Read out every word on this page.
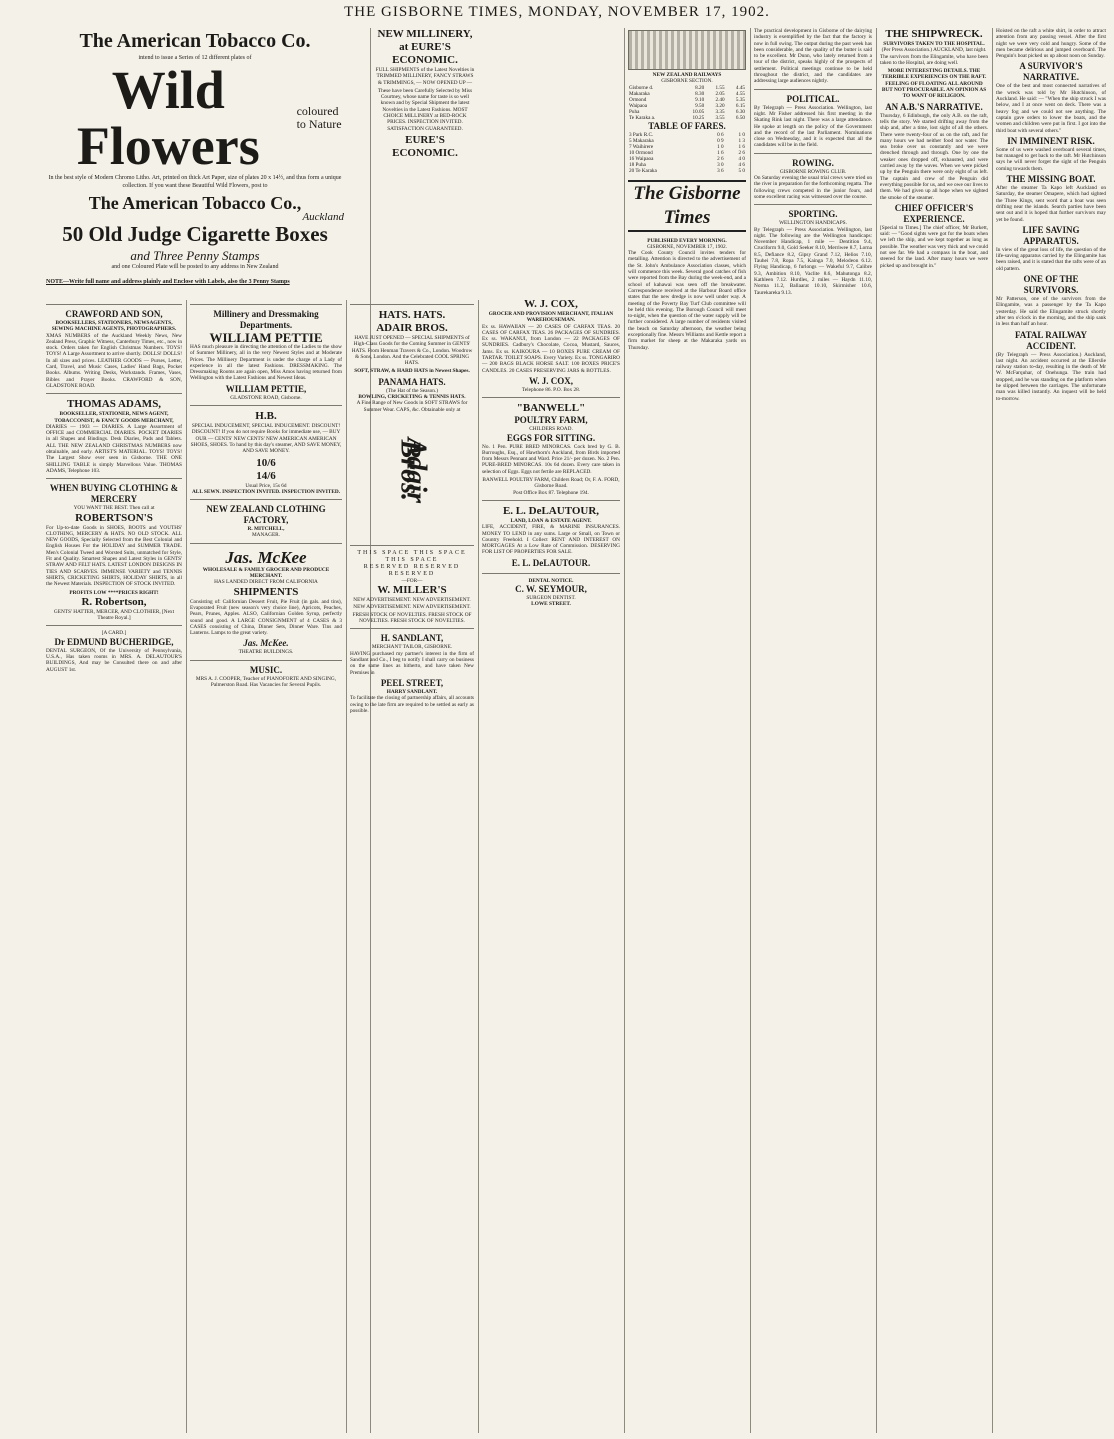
THE GISBORNE TIMES, MONDAY, NOVEMBER 17, 1902.
The American Tobacco Co.
intend to issue a Series of 12 different plates of
Wild Flowers
coloured to Nature

In the best style of Modern Chromo Litho. Art, printed on thick Art Paper, size of plates 20 x 14½, and thus form a unique collection. If you want these Beautiful Wild Flowers, post to

The American Tobacco Co.,
Auckland
50 Old Judge Cigarette Boxes
and Three Penny Stamps
and one Coloured Plate will be posted to any address in New Zealand
NOTE—Write full name and address plainly and Enclose with Labels, also the 3 Penny Stamps
CRAWFORD AND SON,
BOOKSELLERS, STATIONERS, NEWSAGENTS, SEWING MACHINE AGENTS, PHOTOGRAPHERS.

XMAS NUMBERS of the Auckland Weekly News, New Zealand Press, Graphic Witness, Canterbury Times, etc., now in stock. Orders taken for English Christmas Numbers. TOYS! TOYS! A Large Assortment to arrive shortly. DOLLS! DOLLS! In all sizes and prices. LEATHER GOODS — Purses, Letter, Card, Travel, and Music Cases, Ladies' Hand Bags, Pocket Books. Albums. Writing Desks, Workstands. Frames, Vases, Bibles and Prayer Books. CRAWFORD & SON, GLADSTONE ROAD.

THOMAS ADAMS,
BOOKSELLER, STATIONER, NEWS AGENT, TOBACCONIST, & FANCY GOODS MERCHANT,

DIARIES — 1903 — DIARIES. A Large Assortment of OFFICE and COMMERCIAL DIARIES. POCKET DIARIES in all Shapes and Bindings. Desk Diaries, Pads and Tablets. ALL THE NEW ZEALAND CHRISTMAS NUMBERS now obtainable, and early. ARTIST'S MATERIAL. TOYS! TOYS! The Largest Show ever seen in Gisborne. THE ONE SHILLING TABLE is simply Marvellous Value. THOMAS ADAMS, Telephone 103.

WHEN BUYING CLOTHING & MERCERY
YOU WANT THE BEST. Then call at
ROBERTSON'S

For Up-to-date Goods in SHOES, BOOTS and YOUTHS' CLOTHING, MERCERY & HATS. NO OLD STOCK. ALL NEW GOODS, Specially Selected from the Best Colonial and English Houses For the HOLIDAY and SUMMER TRADE. Men's Colonial Tweed and Worsted Suits, unmatched for Style, Fit and Quality. Smartest Shapes and Latest Styles in GENTS' STRAW AND FELT HATS. LATEST LONDON DESIGNS IN TIES AND SCARVES. IMMENSE VARIETY and TENNIS SHIRTS, CRICKETING SHIRTS, HOLIDAY SHIRTS, in all the Newest Materials. INSPECTION OF STOCK INVITED.

PROFITS LOW ****PRICES RIGHT!
R. Robertson,
GENTS' HATTER, MERCER, AND CLOTHIER, [Next Theatre Royal.]
[A CARD.]
Dr EDMUND BUCHERIDGE,

DENTAL SURGEON, Of the University of Pennsylvania, U.S.A., Has taken rooms in MRS. A. DELAUTOUR'S BUILDINGS, And may be Consulted there on and after AUGUST 1st.

Millinery and Dressmaking Departments.
WILLIAM PETTIE

HAS much pleasure in directing the attention of the Ladies to the show of Summer Millinery, all in the very Newest Styles and at Moderate Prices. The Millinery Department is under the charge of a Lady of experience in all the latest Fashions. DRESSMAKING. The Dressmaking Rooms are again open, Miss Amos having returned from Wellington with the Latest Fashions and Newest Ideas.

WILLIAM PETTIE,
GLADSTONE ROAD, Gisborne.
H.B.

SPECIAL INDUCEMENT, SPECIAL INDUCEMENT. DISCOUNT! DISCOUNT! If you do not require Books for immediate use, — BUY OUR — CENTS' NEW CENTS' NEW AMERICAN AMERICAN SHOES, SHOES. To hand by this day's steamer, AND SAVE MONEY, AND SAVE MONEY.

10/6
14/6
Usual Price, 15s 6d
ALL SEWN. INSPECTION INVITED. INSPECTION INVITED.
NEW ZEALAND CLOTHING FACTORY,
R. MITCHELL,
MANAGER.
Jas. McKee
WHOLESALE & FAMILY GROCER AND PRODUCE MERCHANT.
HAS LANDED DIRECT FROM CALIFORNIA
SHIPMENTS

Consisting of: Californian Dessert Fruit, Pie Fruit (in gals. and tins), Evaporated Fruit (new season's very choice line), Apricots, Peaches, Pears, Prunes, Apples. ALSO, Californian Golden Syrup, perfectly sound and good. A LARGE CONSIGNMENT of 4 CASES & 3 CASES consisting of China, Dinner Sets, Dinner Ware. Tins and Lanterns. Lamps to the great variety.

Jas. McKee.
THEATRE BUILDINGS.
MUSIC.

MRS A. J. COOPER, Teacher of PIANOFORTE AND SINGING, Palmerston Road. Has Vacancies for Several Pupils.

HATS. HATS.
ADAIR BROS.

HAVE JUST OPENED — SPECIAL SHIPMENTS of High-Class Goods for the Coming Summer in GENTS' HATS. From Henman Travers & Co., London. Woodrow & Sons, London. And the Celebrated COOL SPRING HATS.

SOFT, STRAW, & HARD HATS in Newest Shapes.

PANAMA HATS.
(The Hat of the Season.)
BOWLING, CRICKETING & TENNIS HATS.

A Fine Range of New Goods in SOFT STRAWS for Summer Wear. CAPS, &c. Obtainable only at

Adair Bros.
THIS SPACE THIS SPACE THIS SPACE
RESERVED RESERVED RESERVED
—FOR—
W. MILLER'S

NEW ADVERTISEMENT. NEW ADVERTISEMENT. NEW ADVERTISEMENT. NEW ADVERTISEMENT.

FRESH STOCK OF NOVELTIES. FRESH STOCK OF NOVELTIES. FRESH STOCK OF NOVELTIES.

H. SANDLANT,
MERCHANT TAILOR, GISBORNE.

HAVING purchased my partner's interest in the firm of Sandlant and Co., I beg to notify I shall carry on business on the same lines as hitherto, and have taken New Premises in

PEEL STREET,
HARRY SANDLANT.

To facilitate the closing of partnership affairs, all accounts owing to the late firm are required to be settled as early as possible.

NEW MILLINERY, at EURE'S ECONOMIC.

FULL SHIPMENTS of the Latest Novelties in TRIMMED MILLINERY, FANCY STRAWS & TRIMMINGS, — NOW OPENED UP —

These have been Carefully Selected by Miss Courtney, whose name for taste is so well known and by Special Shipment the latest Novelties in the Latest Fashions. MOST CHOICE MILLINERY at BED-ROCK PRICES. INSPECTION INVITED. SATISFACTION GUARANTEED.

EURE'S ECONOMIC.
W. J. COX,
GROCER AND PROVISION MERCHANT, ITALIAN WAREHOUSEMAN.

Ex ss. HAWAIIAN — 20 CASES OF CARFAX TEAS. 20 CASES OF CARFAX TEAS. 26 PACKAGES OF SUNDRIES. Ex ss. WAKANUI, from London — 22 PACKAGES OF SUNDRIES. Cadbury's Chocolate, Cocoa, Mustard, Sauces, Jams. Ex ss. KAIKOURA — 10 BOXES PURE CREAM OF TARTAR. TOILET SOAPS. Every Variety. Ex ss. TONGARIRO — 200 BAGS BLACK HORSE SALT. 100 BOXES PRICE'S CANDLES. 20 CASES PRESERVING JARS & BOTTLES.

W. J. COX,
Telephone 86. P.O. Box 28.
"BANWELL"
POULTRY FARM,
CHILDERS ROAD.
EGGS FOR SITTING.

No. 1 Pen. PURE BRED MINORCAS. Cock bred by G. B. Burroughs, Esq., of Hawthorn's Auckland, from Birds imported from Messrs Pennant and Ward. Price 21/- per dozen. No. 2 Pen. PURE-BRED MINORCAS. 10s 6d dozen. Every care taken in selection of Eggs. Eggs not fertile are REPLACED.

BANWELL POULTRY FARM, Childers Road; Or, F. A. FORD, Gisborne Road.
Post Office Box 87. Telephone 194.
E. L. DeLAUTOUR,
LAND, LOAN & ESTATE AGENT.

LIFE, ACCIDENT, FIRE, & MARINE INSURANCES. MONEY TO LEND in any sums. Large or Small, on Town or Country Freehold. I Collect RENT AND INTEREST ON MORTGAGES At a Low Rate of Commission. DESERVING FOR LIST OF PROPERTIES FOR SALE.

E. L. DeLAUTOUR.
DENTAL NOTICE.
C. W. SEYMOUR,
SURGEON DENTIST.
LOWE STREET.
NEW ZEALAND RAILWAYS
GISBORNE SECTION.
Gisborne d.	8.20	1.55	4.45
Makaraka	8.30	2.05	4.55
Ormond	9.10	2.40	5.35
Waipaoa	9.50	3.20	6.15
Puha	10.05	3.35	6.30
Te Karaka a.	10.25	3.55	6.50
TABLE OF FARES.
3 Park R.C.	0 6	1 0
5 Makaraka	0 9	1 3
7 Waihirere	1 0	1 6
10 Ormond	1 6	2 6
16 Waipaoa	2 6	4 0
18 Puha	3 0	4 6
20 Te Karaka	3 6	5 0
The Gisborne Times
PUBLISHED EVERY MORNING.
GISBORNE, NOVEMBER 17, 1902.

The Cook County Council invites tenders for metalling. Attention is directed to the advertisement of the St. John's Ambulance Association classes, which will commence this week. Several good catches of fish were reported from the Bay during the week-end, and a school of kahawai was seen off the breakwater. Correspondence received at the Harbour Board office states that the new dredge is now well under way. A meeting of the Poverty Bay Turf Club committee will be held this evening. The Borough Council will meet to-night, when the question of the water supply will be further considered. A large number of residents visited the beach on Saturday afternoon, the weather being exceptionally fine. Messrs Williams and Kettle report a firm market for sheep at the Makaraka yards on Thursday.

The practical development in Gisborne of the dairying industry is exemplified by the fact that the factory is now in full swing. The output during the past week has been considerable, and the quality of the butter is said to be excellent. Mr Dunn, who lately returned from a tour of the district, speaks highly of the prospects of settlement. Political meetings continue to be held throughout the district, and the candidates are addressing large audiences nightly.

POLITICAL.

By Telegraph — Press Association. Wellington, last night. Mr Fisher addressed his first meeting in the Skating Rink last night. There was a large attendance. He spoke at length on the policy of the Government and the record of the last Parliament. Nominations close on Wednesday, and it is expected that all the candidates will be in the field.

ROWING.
GISBORNE ROWING CLUB.

On Saturday evening the usual trial crews were tried on the river in preparation for the forthcoming regatta. The following crews competed in the junior fours, and some excellent racing was witnessed over the course.

SPORTING.
WELLINGTON HANDICAPS.

By Telegraph — Press Association. Wellington, last night. The following are the Wellington handicaps: November Handicap, 1 mile — Dentition 9.4, Cruciform 9.0, Gold Seeker 8.10, Merriwee 8.7, Lorna 8.5, Defiance 8.2, Gipsy Grand 7.12, Helios 7.10, Tauhei 7.8, Ropa 7.5, Kainga 7.0, Melodeon 6.12. Flying Handicap, 6 furlongs — Wakeful 9.7, Calibre 9.3, Ambition 8.10, Vaclite 8.6, Mahutonga 8.2, Kathleen 7.12. Hurdles, 2 miles — Haydn 11.10, Norma 11.2, Ballaarat 10.10, Skirmisher 10.6, Taurekareka 9.13.

THE SHIPWRECK.
SURVIVORS TAKEN TO THE HOSPITAL.
(Per Press Association.) AUCKLAND, last night.

The survivors from the Elingamite, who have been taken to the Hospital, are doing well.

MORE INTERESTING DETAILS. THE TERRIBLE EXPERIENCES ON THE RAFT. FEELING OF FLOATING ALL AROUND BUT NOT PROCURABLE. AN OPINION AS TO WANT OF RELIGION.

AN A.B.'S NARRATIVE.

Thursday, 6 Edinburgh, the only A.B. on the raft, tells the story. We started drifting away from the ship and, after a time, lost sight of all the others. There were twenty-four of us on the raft, and for many hours we had neither food nor water. The sea broke over us constantly and we were drenched through and through. One by one the weaker ones dropped off, exhausted, and were carried away by the waves. When we were picked up by the Penguin there were only eight of us left. The captain and crew of the Penguin did everything possible for us, and we owe our lives to them. We had given up all hope when we sighted the smoke of the steamer.

CHIEF OFFICER'S EXPERIENCE.

[Special to Times.] The chief officer, Mr Burkett, said: — "Good sights were got for the boats when we left the ship, and we kept together as long as possible. The weather was very thick and we could not see far. We had a compass in the boat, and steered for the land. After many hours we were picked up and brought in."

Hoisted on the raft a white shirt, in order to attract attention from any passing vessel. After the first night we were very cold and hungry. Some of the men became delirious and jumped overboard. The Penguin's boat picked us up about noon on Sunday.

A SURVIVOR'S NARRATIVE.

One of the best and most connected narratives of the wreck was told by Mr Hutchinson, of Auckland. He said: — "When the ship struck I was below, and I at once went on deck. There was a heavy fog and we could not see anything. The captain gave orders to lower the boats, and the women and children were put in first. I got into the third boat with several others."

IN IMMINENT RISK.

Some of us were washed overboard several times, but managed to get back to the raft. Mr Hutchinson says he will never forget the sight of the Penguin coming towards them.

THE MISSING BOAT.

After the steamer Ta Kapo left Auckland on Saturday, the steamer Omapere, which had sighted the Three Kings, sent word that a boat was seen drifting near the islands. Search parties have been sent out and it is hoped that further survivors may yet be found.

LIFE SAVING APPARATUS.

In view of the great loss of life, the question of the life-saving apparatus carried by the Elingamite has been raised, and it is stated that the rafts were of an old pattern.

ONE OF THE SURVIVORS.

Mr Patterson, one of the survivors from the Elingamite, was a passenger by the Ta Kapo yesterday. He said the Elingamite struck shortly after ten o'clock in the morning, and the ship sank in less than half an hour.

FATAL RAILWAY ACCIDENT.

(By Telegraph — Press Association.) Auckland, last night. An accident occurred at the Ellerslie railway station to-day, resulting in the death of Mr W. McFarquhar, of Onehunga. The train had stopped, and he was standing on the platform when he slipped between the carriages. The unfortunate man was killed instantly. An inquest will be held to-morrow.
